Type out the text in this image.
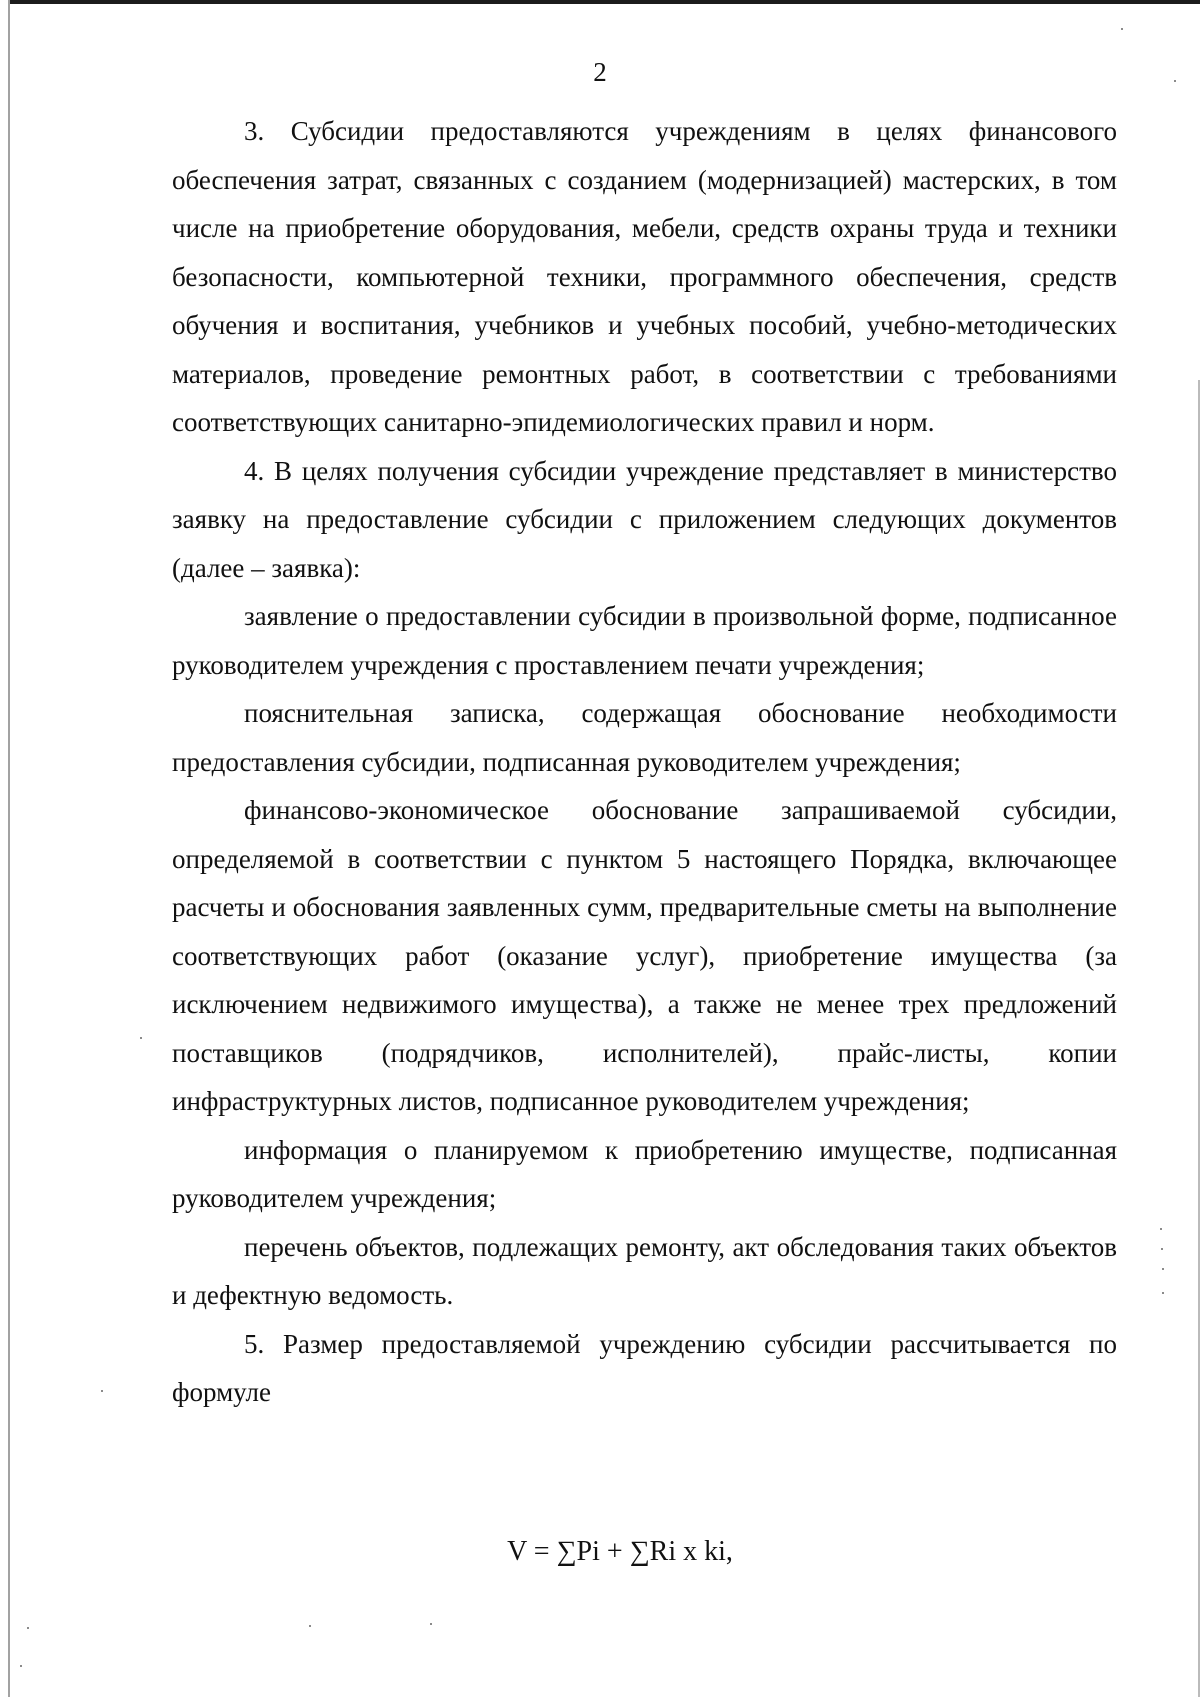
2

3. Субсидии предоставляются учреждениям в целях финансового обеспечения затрат, связанных с созданием (модернизацией) мастерских, в том числе на приобретение оборудования, мебели, средств охраны труда и техники безопасности, компьютерной техники, программного обеспечения, средств обучения и воспитания, учебников и учебных пособий, учебно-методических материалов, проведение ремонтных работ, в соответствии с требованиями соответствующих санитарно-эпидемиологических правил и норм.

4. В целях получения субсидии учреждение представляет в министерство заявку на предоставление субсидии с приложением следующих документов (далее – заявка):

заявление о предоставлении субсидии в произвольной форме, подписанное руководителем учреждения с проставлением печати учреждения;

пояснительная записка, содержащая обоснование необходимости предоставления субсидии, подписанная руководителем учреждения;

финансово-экономическое обоснование запрашиваемой субсидии, определяемой в соответствии с пунктом 5 настоящего Порядка, включающее расчеты и обоснования заявленных сумм, предварительные сметы на выполнение соответствующих работ (оказание услуг), приобретение имущества (за исключением недвижимого имущества), а также не менее трех предложений поставщиков (подрядчиков, исполнителей), прайс-листы, копии инфраструктурных листов, подписанное руководителем учреждения;

информация о планируемом к приобретению имуществе, подписанная руководителем учреждения;

перечень объектов, подлежащих ремонту, акт обследования таких объектов и дефектную ведомость.

5. Размер предоставляемой учреждению субсидии рассчитывается по формуле

V = ∑Pi + ∑Ri x ki,
